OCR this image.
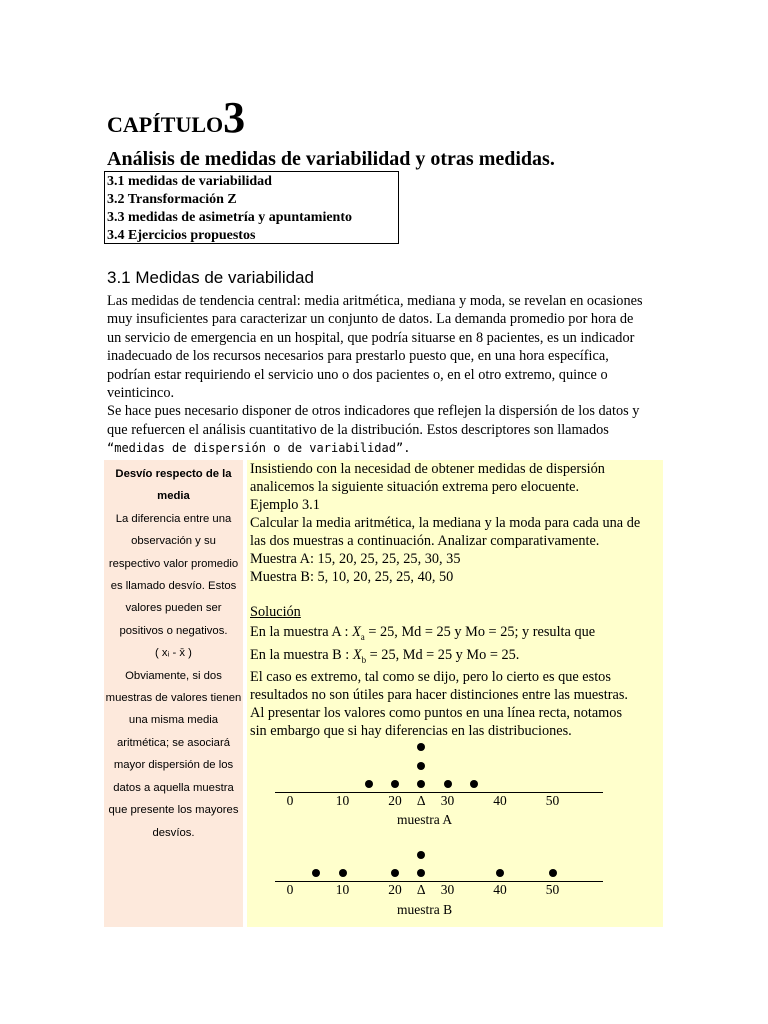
CAPÍTULO3
Análisis de medidas de variabilidad y otras medidas.
3.1 medidas de variabilidad
3.2 Transformación Z
3.3 medidas de asimetría y apuntamiento
3.4 Ejercicios propuestos
3.1 Medidas de variabilidad

Las medidas de tendencia central: media aritmética, mediana y moda, se revelan en ocasiones muy insuficientes para caracterizar un conjunto de datos. La demanda promedio por hora de un servicio de emergencia en un hospital, que podría situarse en 8 pacientes, es un indicador inadecuado de los recursos necesarios para prestarlo puesto que, en una hora específica, podrían estar requiriendo el servicio uno o dos pacientes o, en el otro extremo, quince o veinticinco.

Se hace pues necesario disponer de otros indicadores que reflejen la dispersión de los datos y que refuercen el análisis cuantitativo de la distribución. Estos descriptores son llamados
“medidas de dispersión o de variabilidad”.

Desvío respecto de la media
La diferencia entre una observación y su respectivo valor promedio es llamado desvío. Estos valores pueden ser positivos o negativos.
( xᵢ - x̄ )
Obviamente, si dos muestras de valores tienen una misma media aritmética; se asociará mayor dispersión de los datos a aquella muestra que presente los mayores desvíos.
Insistiendo con la necesidad de obtener medidas de dispersión
analicemos la siguiente situación extrema pero elocuente.
Ejemplo 3.1
Calcular la media aritmética, la mediana y la moda para cada una de
las dos muestras a continuación. Analizar comparativamente.
Muestra A: 15, 20, 25, 25, 25, 30, 35
Muestra B: 5, 10, 20, 25, 25, 40, 50
Solución
En la muestra A : $X_a = 25$, Md = 25 y Mo = 25; y resulta que
En la muestra B : $X_b = 25$, Md = 25 y Mo = 25.
El caso es extremo, tal como se dijo, pero lo cierto es que estos
resultados no son útiles para hacer distinciones entre las muestras.
Al presentar los valores como puntos en una línea recta, notamos
sin embargo que si hay diferencias en las distribuciones.
0	10	20 Δ 30	40	50
muestra A
0	10	20 Δ 30	40	50
muestra B
